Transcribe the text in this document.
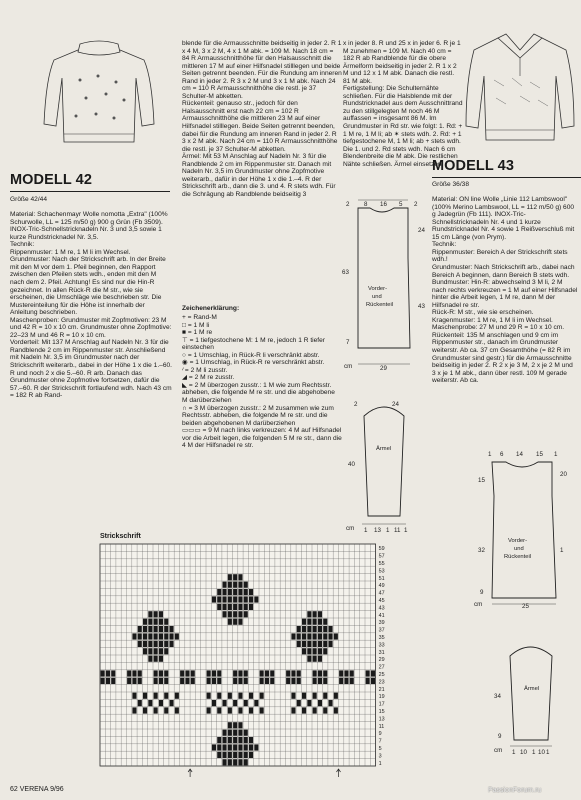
MODELL 42
Größe 42/44

Material: Schachenmayr Wolle nomotta „Extra" (100% Schurwolle, LL = 125 m/50 g) 900 g Grün (Fb 3509). INOX-Tric-Schnellstricknadeln Nr. 3 und 3,5 sowie 1 kurze Rundstricknadel Nr. 3,5.
Technik:
Rippenmuster: 1 M re, 1 M li im Wechsel.
Grundmuster: Nach der Strickschrift arb. In der Breite mit den M vor dem 1. Pfeil beginnen, den Rapport zwischen den Pfeilen stets wdh., enden mit den M nach dem 2. Pfeil. Achtung! Es sind nur die Hin-R gezeichnet. In allen Rück-R die M str., wie sie erscheinen, die Umschläge wie beschrieben str. Die Mustereinteilung für die Höhe ist innerhalb der Anleitung beschrieben.
Maschenproben: Grundmuster mit Zopfmotiven: 23 M und 42 R = 10 x 10 cm. Grundmuster ohne Zopfmotive: 22–23 M und 46 R = 10 x 10 cm.
Vorderteil: Mit 137 M Anschlag auf Nadeln Nr. 3 für die Randblende 2 cm im Rippenmuster str. Anschließend mit Nadeln Nr. 3,5 im Grundmuster nach der Strickschrift weiterarb., dabei in der Höhe 1 x die 1.–60. R und noch 2 x die 5.–60. R arb. Danach das Grundmuster ohne Zopfmotive fortsetzen, dafür die 57.–60. R der Strickschrift fortlaufend wdh. Nach 43 cm = 182 R ab Rand-
blende für die Armausschnitte beidseitig in jeder 2. R 1 x 4 M, 3 x 2 M, 4 x 1 M abk. = 109 M. Nach 18 cm = 84 R Armausschnitthöhe für den Halsausschnitt die mittleren 17 M auf einer Hilfsnadel stilllegen und beide Seiten getrennt beenden. Für die Rundung am inneren Rand in jeder 2. R 3 x 2 M und 3 x 1 M abk. Nach 24 cm = 110 R Armausschnitthöhe die restl. je 37 Schulter-M abketten.
Rückenteil: genauso str., jedoch für den Halsausschnitt erst nach 22 cm = 102 R Armausschnitthöhe die mittleren 23 M auf einer Hilfsnadel stilllegen. Beide Seiten getrennt beenden, dabei für die Rundung am inneren Rand in jeder 2. R 3 x 2 M abk. Nach 24 cm = 110 R Armausschnitthöhe die restl. je 37 Schulter-M abketten.
Ärmel: Mit 53 M Anschlag auf Nadeln Nr. 3 für die Randblende 2 cm im Rippenmuster str. Danach mit Nadeln Nr. 3,5 im Grundmuster ohne Zopfmotive weiterarb., dafür in der Höhe 1 x die 1.–4. R der Strickschrift arb., dann die 3. und 4. R stets wdh. Für die Schrägung ab Randblende beidseitig 3
Zeichenerklärung:
+ = Rand-M
□ = 1 M li
■ = 1 M re
⊤ = 1 tiefgestochene M: 1 M re, jedoch 1 R tiefer einstechen
○ = 1 Umschlag, in Rück-R li verschränkt abstr.
◉ = 1 Umschlag, in Rück-R re verschränkt abstr.
⁄ = 2 M li zusstr.
◢ = 2 M re zusstr.
◣ = 2 M überzogen zusstr.: 1 M wie zum Rechtsstr. abheben, die folgende M re str. und die abgehobene M darüberziehen
∩ = 3 M überzogen zusstr.: 2 M zusammen wie zum Rechtsstr. abheben, die folgende M re str. und die beiden abgehobenen M darüberziehen
▭▭▭ = 9 M nach links verkreuzen: 4 M auf Hilfsnadel vor die Arbeit legen, die folgenden 5 M re str., dann die 4 M der Hilfsnadel re str.
x in jeder 8. R und 25 x in jeder 6. R je 1 M zunehmen = 109 M. Nach 40 cm = 182 R ab Randblende für die obere Ärmelform beidseitig in jeder 2. R 1 x 2 M und 12 x 1 M abk. Danach die restl. 81 M abk.
Fertigstellung: Die Schulternähte schließen. Für die Halsblende mit der Rundstricknadel aus dem Ausschnittrand zu den stillgelegten M noch 46 M auffassen = insgesamt 86 M. Im Grundmuster in Rd str. wie folgt: 1. Rd: + 1 M re, 1 M li; ab ✶ stets wdh. 2. Rd: + 1 tiefgestochene M, 1 M li; ab + stets wdh. Die 1. und 2. Rd stets wdh. Nach 6 cm Blendenbreite die M abk. Die restlichen Nähte schließen. Ärmel einsetzen.
MODELL 43
Größe 36/38

Material: ON line Wolle „Linie 112 Lambswool" (100% Merino Lambswool, LL = 112 m/50 g) 600 g Jadegrün (Fb 111). INOX-Tric-Schnellstricknadeln Nr. 4 und 1 kurze Rundstricknadel Nr. 4 sowie 1 Reißverschluß mit 15 cm Länge (von Prym).
Technik:
Rippenmuster: Bereich A der Strickschrift stets wdh.!
Grundmuster: Nach Strickschrift arb., dabei nach Bereich A beginnen, dann Bereich B stets wdh.
Bundmuster: Hin-R: abwechselnd 3 M li, 2 M nach rechts verkreuzen = 1 M auf einer Hilfsnadel hinter die Arbeit legen, 1 M re, dann M der Hilfsnadel re str.
Rück-R: M str., wie sie erscheinen.
Kragenmuster: 1 M re, 1 M li im Wechsel.
Maschenprobe: 27 M und 29 R = 10 x 10 cm.
Rückenteil: 135 M anschlagen und 9 cm im Rippenmuster str., danach im Grundmuster weiterstr. Ab ca. 37 cm Gesamthöhe (= 82 R im Grundmuster sind gestr.) für die Armausschnitte beidseitig in jeder 2. R 2 x je 3 M, 2 x je 2 M und 3 x je 1 M abk., dann über restl. 109 M gerade weiterstr. Ab ca.
2 8 16 5 2
63
7
24
43
Vorder-
und
Rückenteil
cm	29
2	24
40
Ärmel
cm 1 13 1 11 1
1 6 14 15 1
15
32
9
20
1
Vorder-
und
Rückenteil
cm	25
34
9
Ärmel
cm 1 10 1 10 1
Strickschrift
59
57
55
53
51
49
47
45
43
41
39
37
35
33
31
29
27
25
23
21
19
17
15
13
11
9
7
5
3
1
62 VERENA 9/96	PassionForum.ru
